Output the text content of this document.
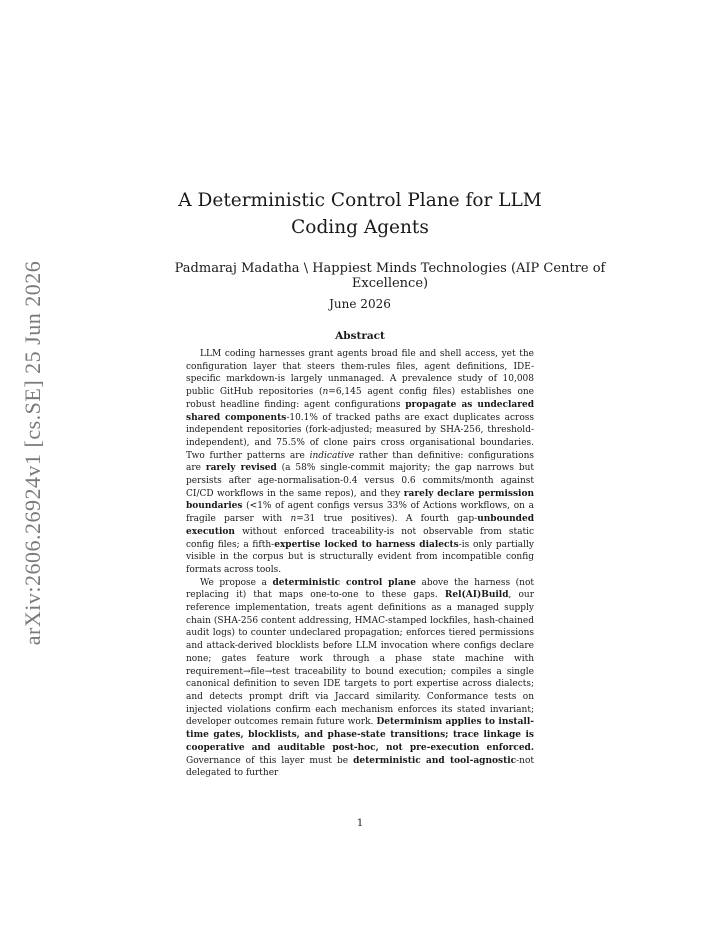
arXiv:2606.26924v1 [cs.SE] 25 Jun 2026
A Deterministic Control Plane for LLM Coding Agents
Padmaraj Madatha \ Happiest Minds Technologies (AIP Centre of Excellence)
June 2026
Abstract

LLM coding harnesses grant agents broad file and shell access, yet the configuration layer that steers them-rules files, agent definitions, IDE-specific markdown-is largely unmanaged. A prevalence study of 10,008 public GitHub repositories (n=6,145 agent config files) establishes one robust headline finding: agent configurations propagate as undeclared shared components-10.1% of tracked paths are exact duplicates across independent repositories (fork-adjusted; measured by SHA-256, threshold-independent), and 75.5% of clone pairs cross organisational boundaries. Two further patterns are indicative rather than definitive: configurations are rarely revised (a 58% single-commit majority; the gap narrows but persists after age-normalisation-0.4 versus 0.6 commits/month against CI/CD workflows in the same repos), and they rarely declare permission boundaries (<1% of agent configs versus 33% of Actions workflows, on a fragile parser with n=31 true positives). A fourth gap-unbounded execution without enforced traceability-is not observable from static config files; a fifth-expertise locked to harness dialects-is only partially visible in the corpus but is structurally evident from incompatible config formats across tools.

We propose a deterministic control plane above the harness (not replacing it) that maps one-to-one to these gaps. Rel(AI)Build, our reference implementation, treats agent definitions as a managed supply chain (SHA-256 content addressing, HMAC-stamped lockfiles, hash-chained audit logs) to counter undeclared propagation; enforces tiered permissions and attack-derived blocklists before LLM invocation where configs declare none; gates feature work through a phase state machine with requirement→file→test traceability to bound execution; compiles a single canonical definition to seven IDE targets to port expertise across dialects; and detects prompt drift via Jaccard similarity. Conformance tests on injected violations confirm each mechanism enforces its stated invariant; developer outcomes remain future work. Determinism applies to install-time gates, blocklists, and phase-state transitions; trace linkage is cooperative and auditable post-hoc, not pre-execution enforced. Governance of this layer must be deterministic and tool-agnostic-not delegated to further

1
